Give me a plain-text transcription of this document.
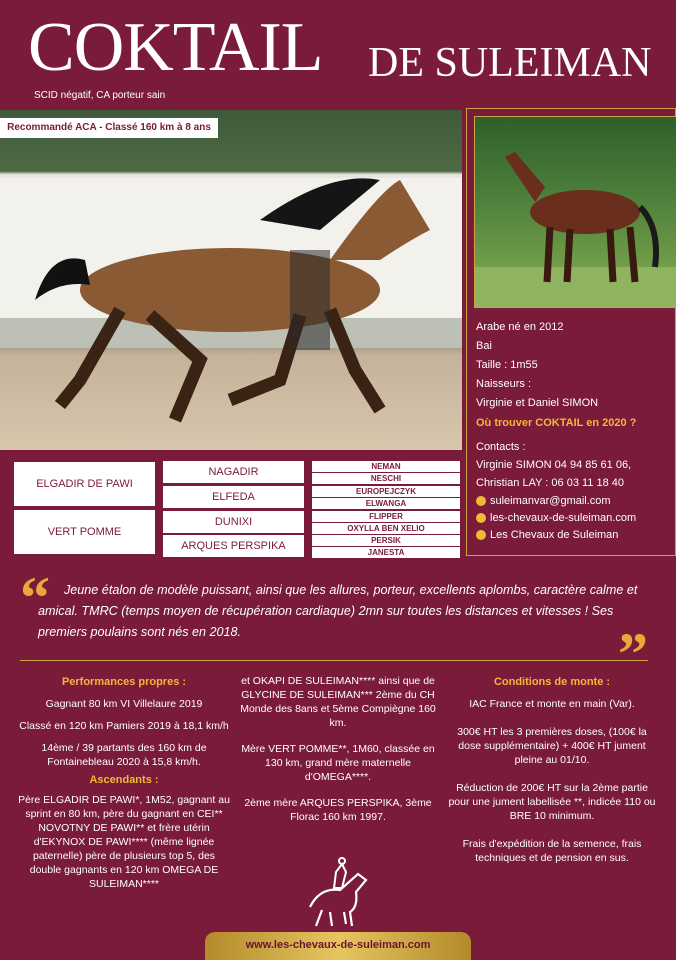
COKTAIL DE SULEIMAN
SCID négatif, CA porteur sain
Recommandé ACA - Classé 160 km à 8 ans
Arabe né en 2012
Bai
Taille : 1m55
Naisseurs :
Virginie et Daniel SIMON
Où trouver COKTAIL en 2020 ?
Contacts :
Virginie SIMON 04 94 85 61 06,
Christian LAY : 06 03 11 18 40
suleimanvar@gmail.com
les-chevaux-de-suleiman.com
Les Chevaux de Suleiman
ELGADIR DE PAWI
VERT POMME
NAGADIR
ELFEDA
DUNIXI
ARQUES PERSPIKA
NEMAN
NESCHI
EUROPEJCZYK
ELWANGA
FLIPPER
OXYLLA BEN XELIO
PERSIK
JANESTA
“
”
Jeune étalon de modèle puissant, ainsi que les allures, porteur, excellents aplombs, caractère calme et amical. TMRC (temps moyen de récupération cardiaque) 2mn sur toutes les distances et vitesses ! Ses premiers poulains sont nés en 2018.

Performances propres :

Gagnant 80 km VI Villelaure 2019

Classé en 120 km Pamiers 2019 à 18,1 km/h

14ème / 39 partants des 160 km de Fontainebleau 2020 à 15,8 km/h.

Ascendants :

Père ELGADIR DE PAWI*, 1M52, gagnant au sprint en 80 km, père du gagnant en CEI** NOVOTNY DE PAWI** et frère utérin d'EKYNOX DE PAWI**** (même lignée paternelle) père de plusieurs top 5, des double gagnants en 120 km OMEGA DE SULEIMAN****

et OKAPI DE SULEIMAN**** ainsi que de GLYCINE DE SULEIMAN*** 2ème du CH Monde des 8ans et 5ème Compiègne 160 km.

Mère VERT POMME**, 1M60, classée en 130 km, grand mère maternelle d'OMEGA****.

2ème mère ARQUES PERSPIKA, 3ème Florac 160 km 1997.

Conditions de monte :

IAC France et monte en main (Var).

300€ HT les 3 premières doses, (100€ la dose supplémentaire) + 400€ HT jument pleine au 01/10.

Réduction de 200€ HT sur la 2ème partie pour une jument labellisée **, indicée 110 ou BRE 10 minimum.

Frais d'expédition de la semence, frais techniques et de pension en sus.

www.les-chevaux-de-suleiman.com
